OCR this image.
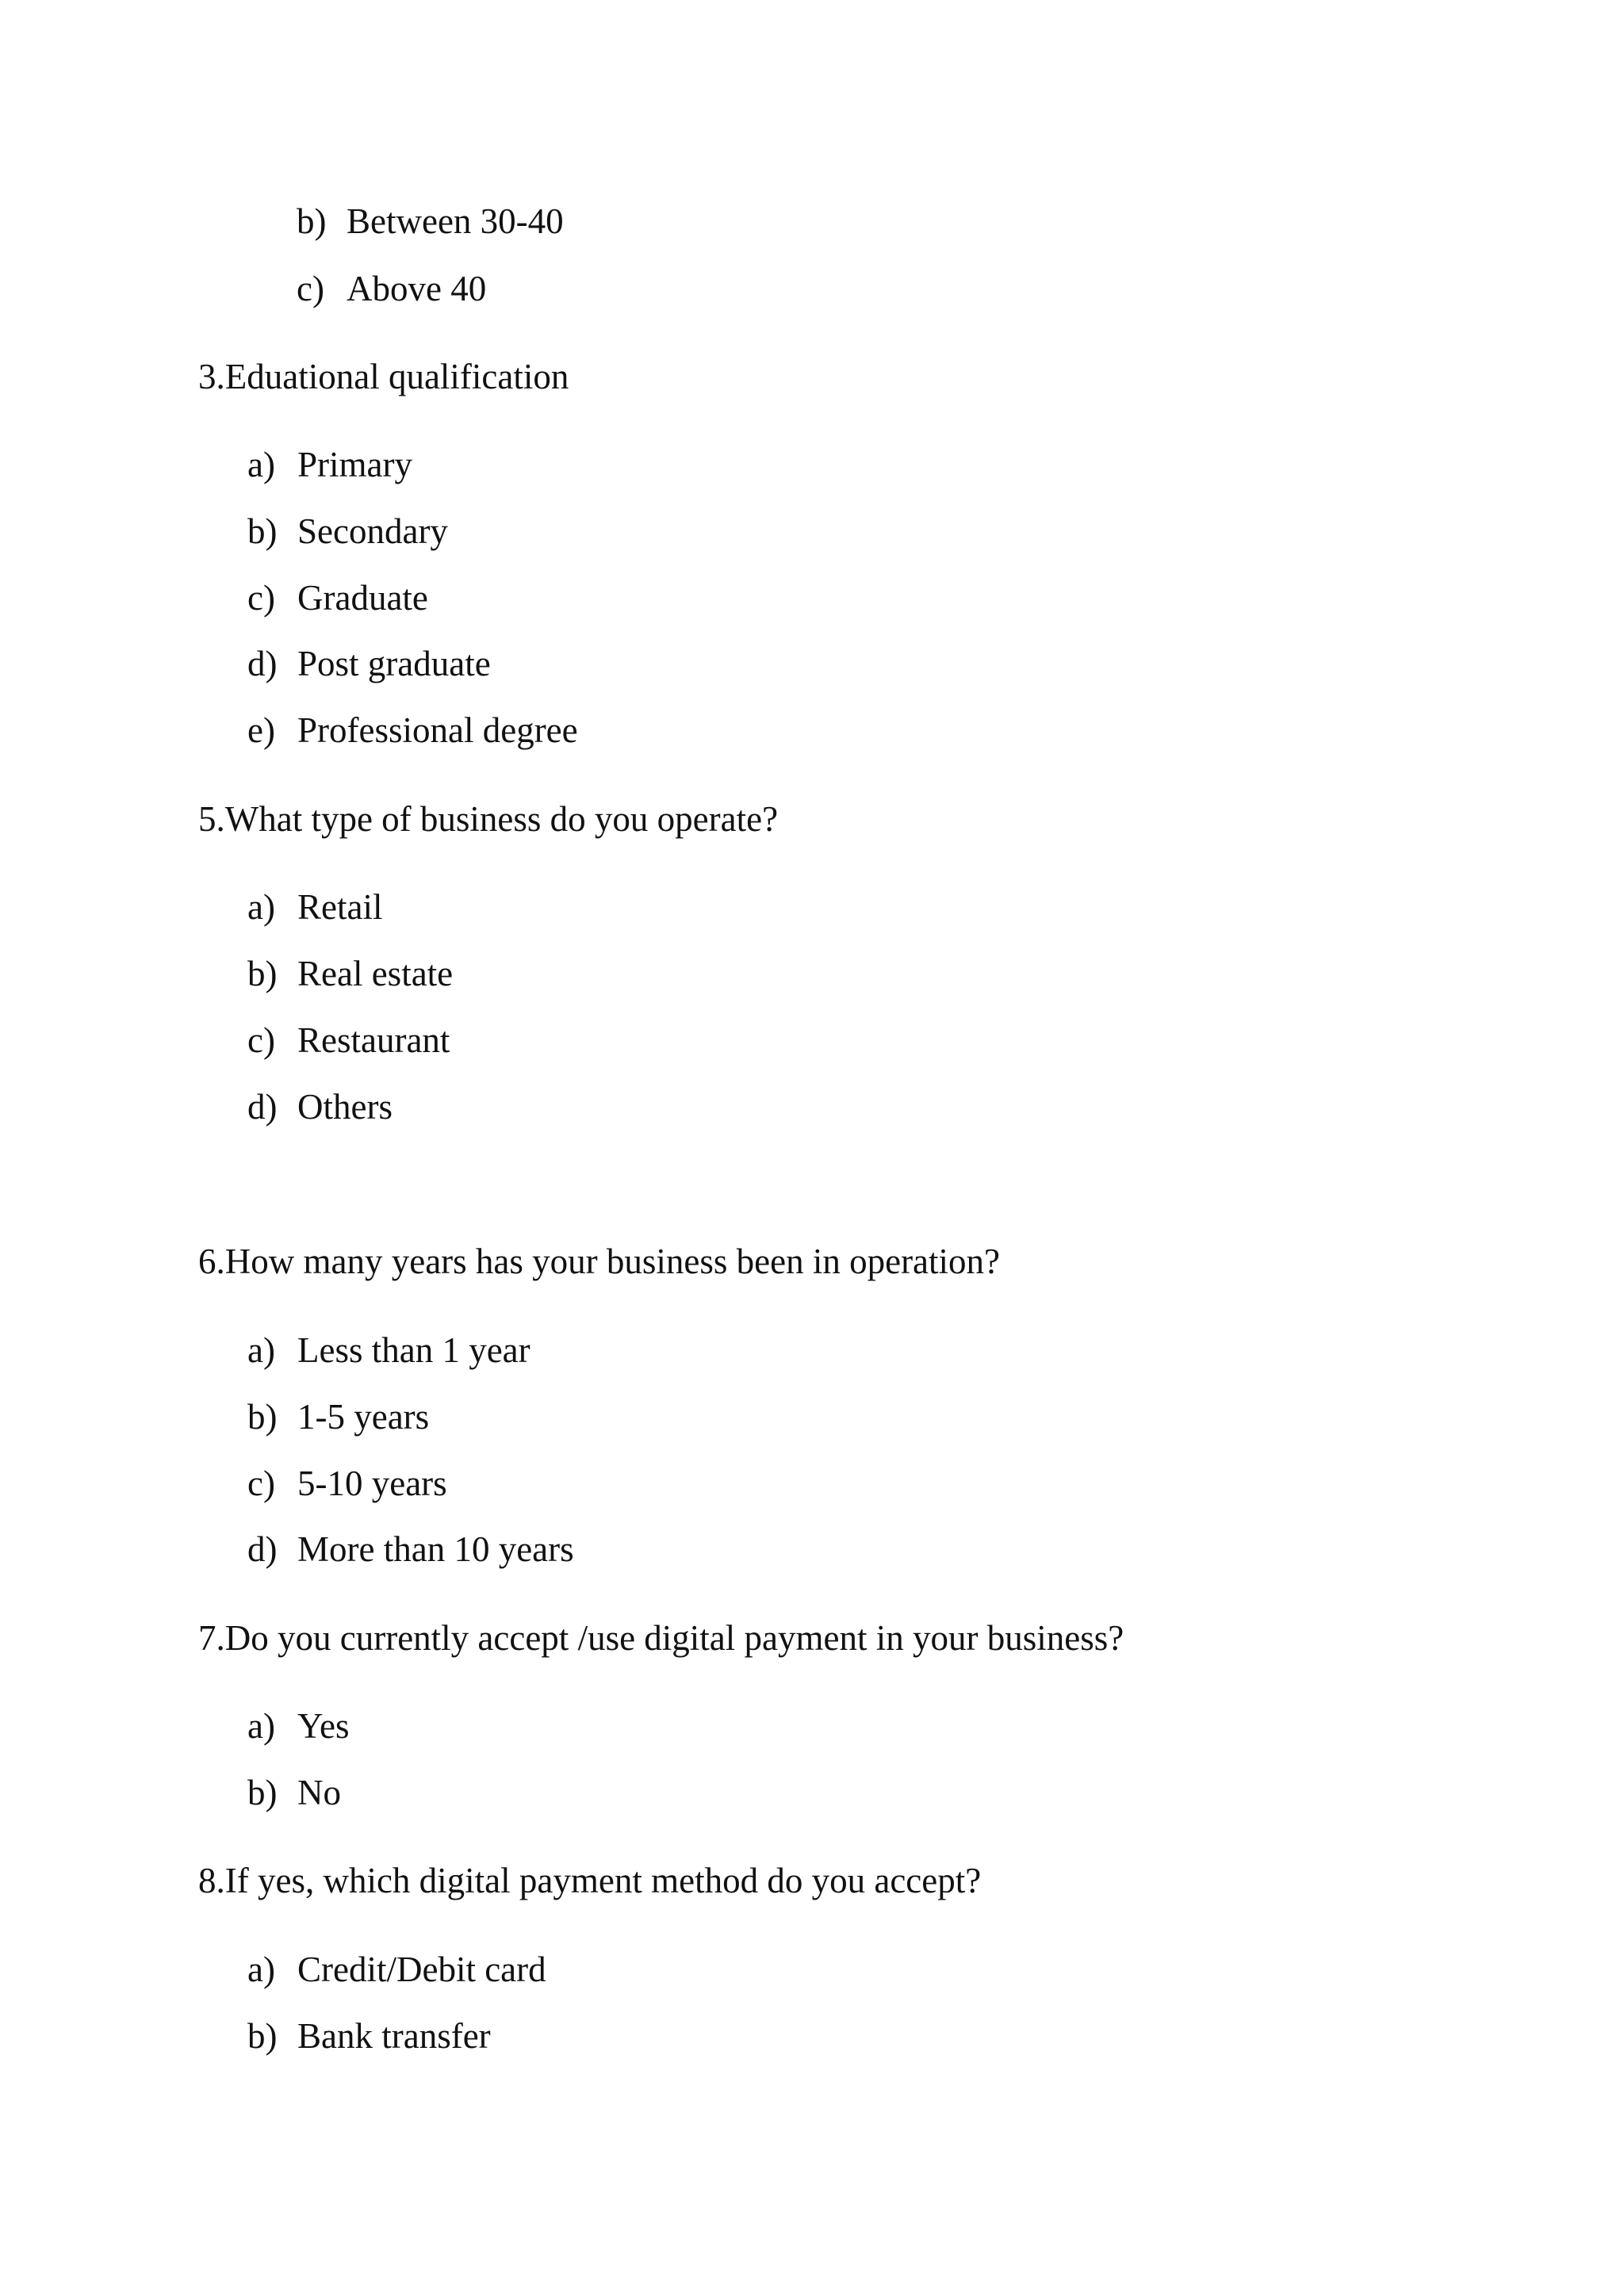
b) Between 30-40
c) Above 40
3.Eduational qualification
a) Primary
b) Secondary
c) Graduate
d) Post graduate
e) Professional degree
5.What type of business do you operate?
a) Retail
b) Real estate
c) Restaurant
d) Others
6.How many years has your business been in operation?
a) Less than 1 year
b) 1-5 years
c) 5-10 years
d) More than 10 years
7.Do you currently accept /use digital payment in your business?
a) Yes
b) No
8.If yes, which digital payment method do you accept?
a) Credit/Debit card
b) Bank transfer
